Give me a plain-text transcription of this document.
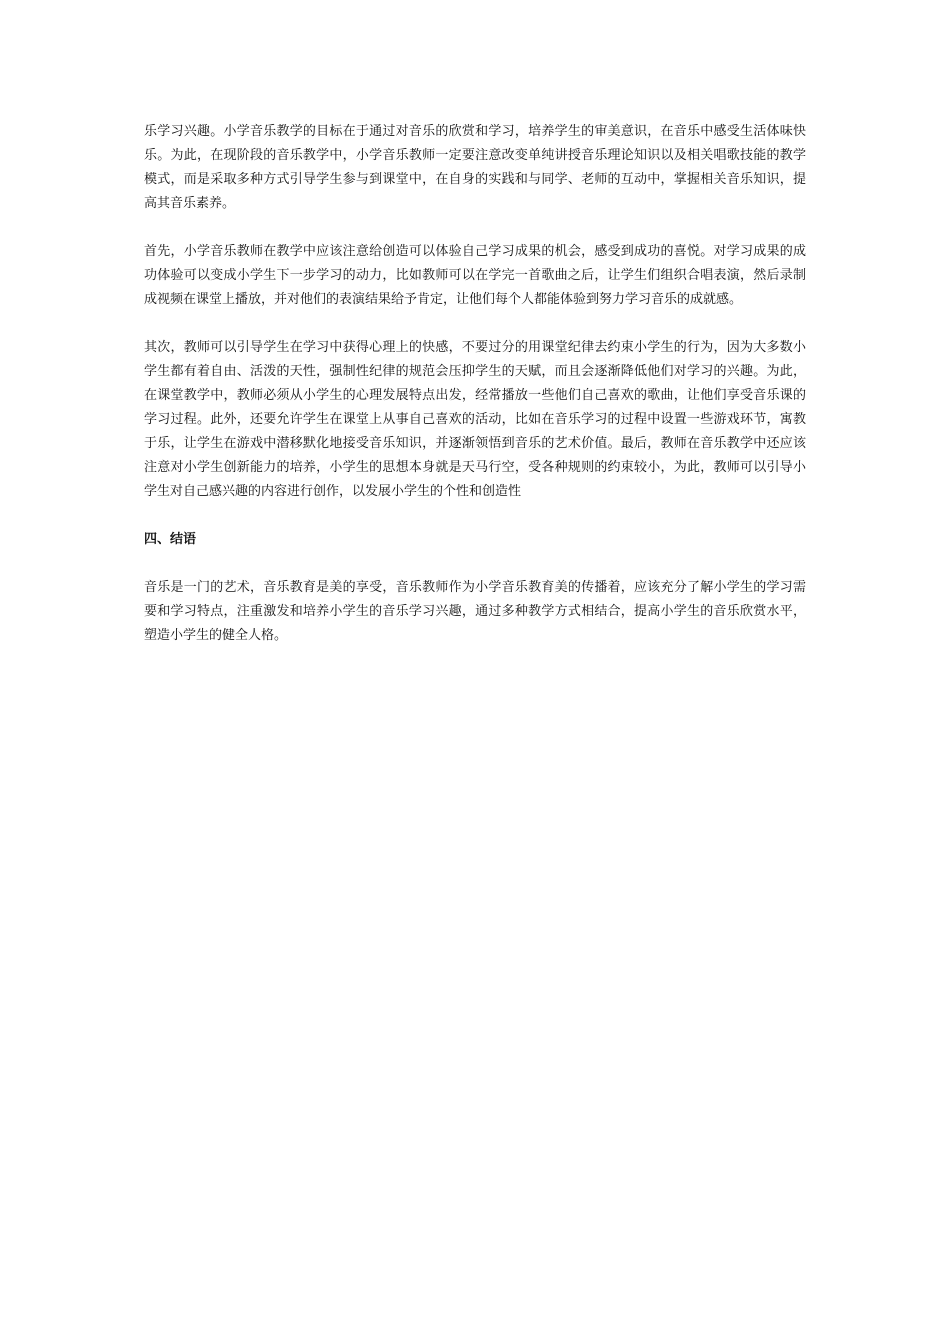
乐学习兴趣。小学音乐教学的目标在于通过对音乐的欣赏和学习，培养学生的审美意识，在音乐中感受生活体味快乐。为此，在现阶段的音乐教学中，小学音乐教师一定要注意改变单纯讲授音乐理论知识以及相关唱歌技能的教学模式，而是采取多种方式引导学生参与到课堂中，在自身的实践和与同学、老师的互动中，掌握相关音乐知识，提高其音乐素养。

首先，小学音乐教师在教学中应该注意给创造可以体验自己学习成果的机会，感受到成功的喜悦。对学习成果的成功体验可以变成小学生下一步学习的动力，比如教师可以在学完一首歌曲之后，让学生们组织合唱表演，然后录制成视频在课堂上播放，并对他们的表演结果给予肯定，让他们每个人都能体验到努力学习音乐的成就感。

其次，教师可以引导学生在学习中获得心理上的快感，不要过分的用课堂纪律去约束小学生的行为，因为大多数小学生都有着自由、活泼的天性，强制性纪律的规范会压抑学生的天赋，而且会逐渐降低他们对学习的兴趣。为此，在课堂教学中，教师必须从小学生的心理发展特点出发，经常播放一些他们自己喜欢的歌曲，让他们享受音乐课的学习过程。此外，还要允许学生在课堂上从事自己喜欢的活动，比如在音乐学习的过程中设置一些游戏环节，寓教于乐，让学生在游戏中潜移默化地接受音乐知识，并逐渐领悟到音乐的艺术价值。最后，教师在音乐教学中还应该注意对小学生创新能力的培养，小学生的思想本身就是天马行空，受各种规则的约束较小，为此，教师可以引导小学生对自己感兴趣的内容进行创作，以发展小学生的个性和创造性

四、结语

音乐是一门的艺术，音乐教育是美的享受，音乐教师作为小学音乐教育美的传播着，应该充分了解小学生的学习需要和学习特点，注重激发和培养小学生的音乐学习兴趣，通过多种教学方式相结合，提高小学生的音乐欣赏水平，塑造小学生的健全人格。
